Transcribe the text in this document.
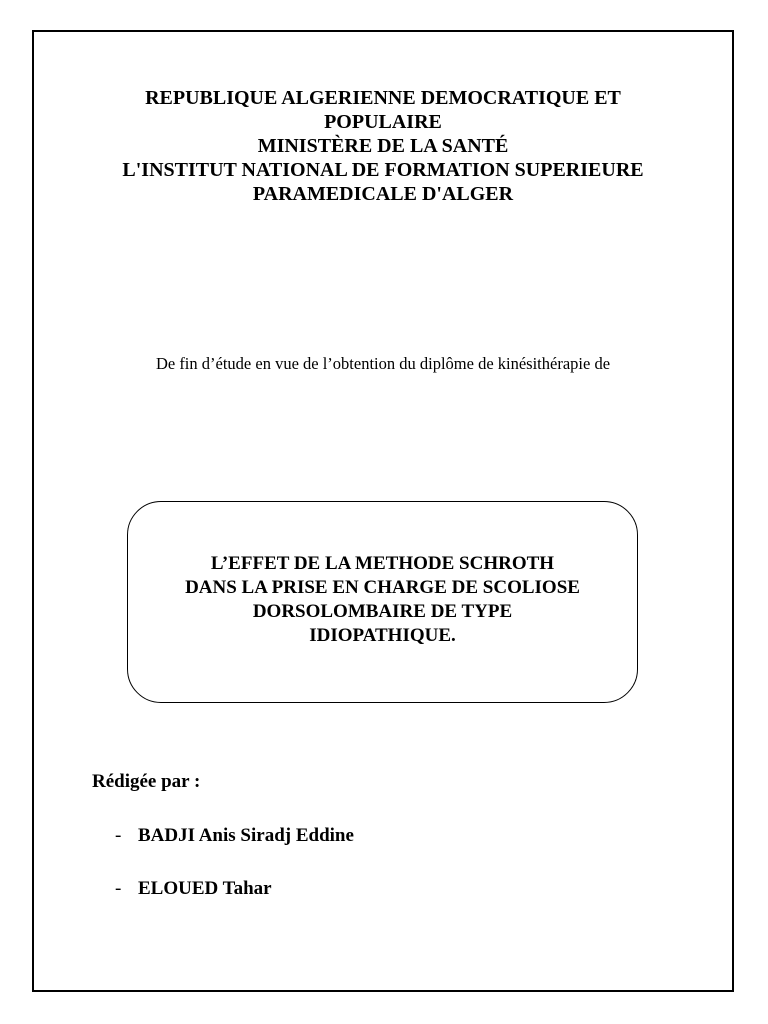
REPUBLIQUE ALGERIENNE DEMOCRATIQUE ET POPULAIRE
MINISTÈRE DE LA SANTÉ
L'INSTITUT NATIONAL DE FORMATION SUPERIEURE PARAMEDICALE D'ALGER
De fin d’étude en vue de l’obtention du diplôme de kinésithérapie de
L’EFFET DE LA METHODE SCHROTH
DANS LA PRISE EN CHARGE DE SCOLIOSE
DORSOLOMBAIRE DE TYPE
IDIOPATHIQUE.
Rédigée par :
- BADJI Anis Siradj Eddine
- ELOUED Tahar
